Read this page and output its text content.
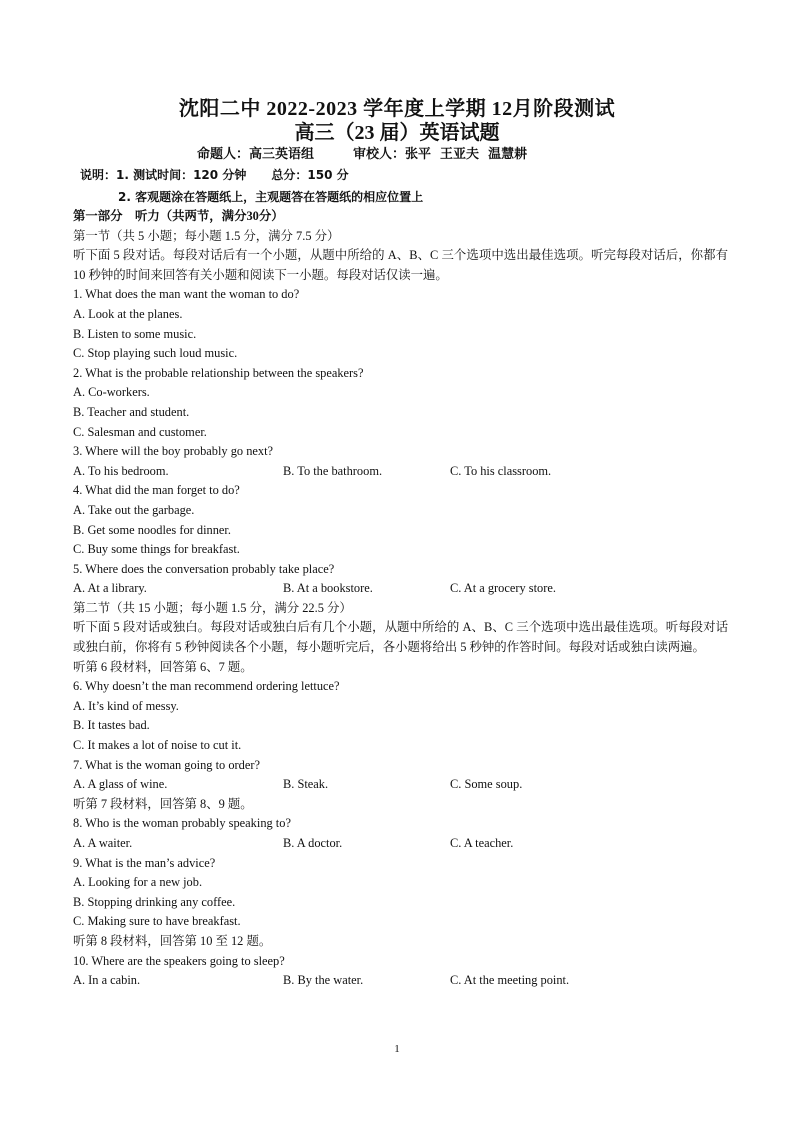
沈阳二中 2022-2023 学年度上学期 12月阶段测试
高三（23 届）英语试题
命题人：高三英语组　　　审校人：张平  王亚夫  温慧耕
说明：1. 测试时间：120 分钟      总分：150 分
2. 客观题涂在答题纸上，主观题答在答题纸的相应位置上
第一部分　听力（共两节，满分30分）
第一节（共 5 小题；每小题 1.5 分，满分 7.5 分）
听下面 5 段对话。每段对话后有一个小题，从题中所给的 A、B、C 三个选项中选出最佳选项。听完每段对话后，你都有 10 秒钟的时间来回答有关小题和阅读下一小题。每段对话仅读一遍。
1. What does the man want the woman to do?
A. Look at the planes.
B. Listen to some music.
C. Stop playing such loud music.
2. What is the probable relationship between the speakers?
A. Co-workers.
B. Teacher and student.
C. Salesman and customer.
3. Where will the boy probably go next?
A. To his bedroom.	B. To the bathroom.	C. To his classroom.
4. What did the man forget to do?
A. Take out the garbage.
B. Get some noodles for dinner.
C. Buy some things for breakfast.
5. Where does the conversation probably take place?
A. At a library.	B. At a bookstore.	C. At a grocery store.
第二节（共 15 小题；每小题 1.5 分，满分 22.5 分）
听下面 5 段对话或独白。每段对话或独白后有几个小题，从题中所给的 A、B、C 三个选项中选出最佳选项。听每段对话或独白前，你将有 5 秒钟阅读各个小题，每小题听完后，各小题将给出 5 秒钟的作答时间。每段对话或独白读两遍。
听第 6 段材料，回答第 6、7 题。
6. Why doesn’t the man recommend ordering lettuce?
A. It’s kind of messy.
B. It tastes bad.
C. It makes a lot of noise to cut it.
7. What is the woman going to order?
A. A glass of wine.	B. Steak.	C. Some soup.
听第 7 段材料，回答第 8、9 题。
8. Who is the woman probably speaking to?
A. A waiter.	B. A doctor.	C. A teacher.
9. What is the man’s advice?
A. Looking for a new job.
B. Stopping drinking any coffee.
C. Making sure to have breakfast.
听第 8 段材料，回答第 10 至 12 题。
10. Where are the speakers going to sleep?
A. In a cabin.	B. By the water.	C. At the meeting point.
1
